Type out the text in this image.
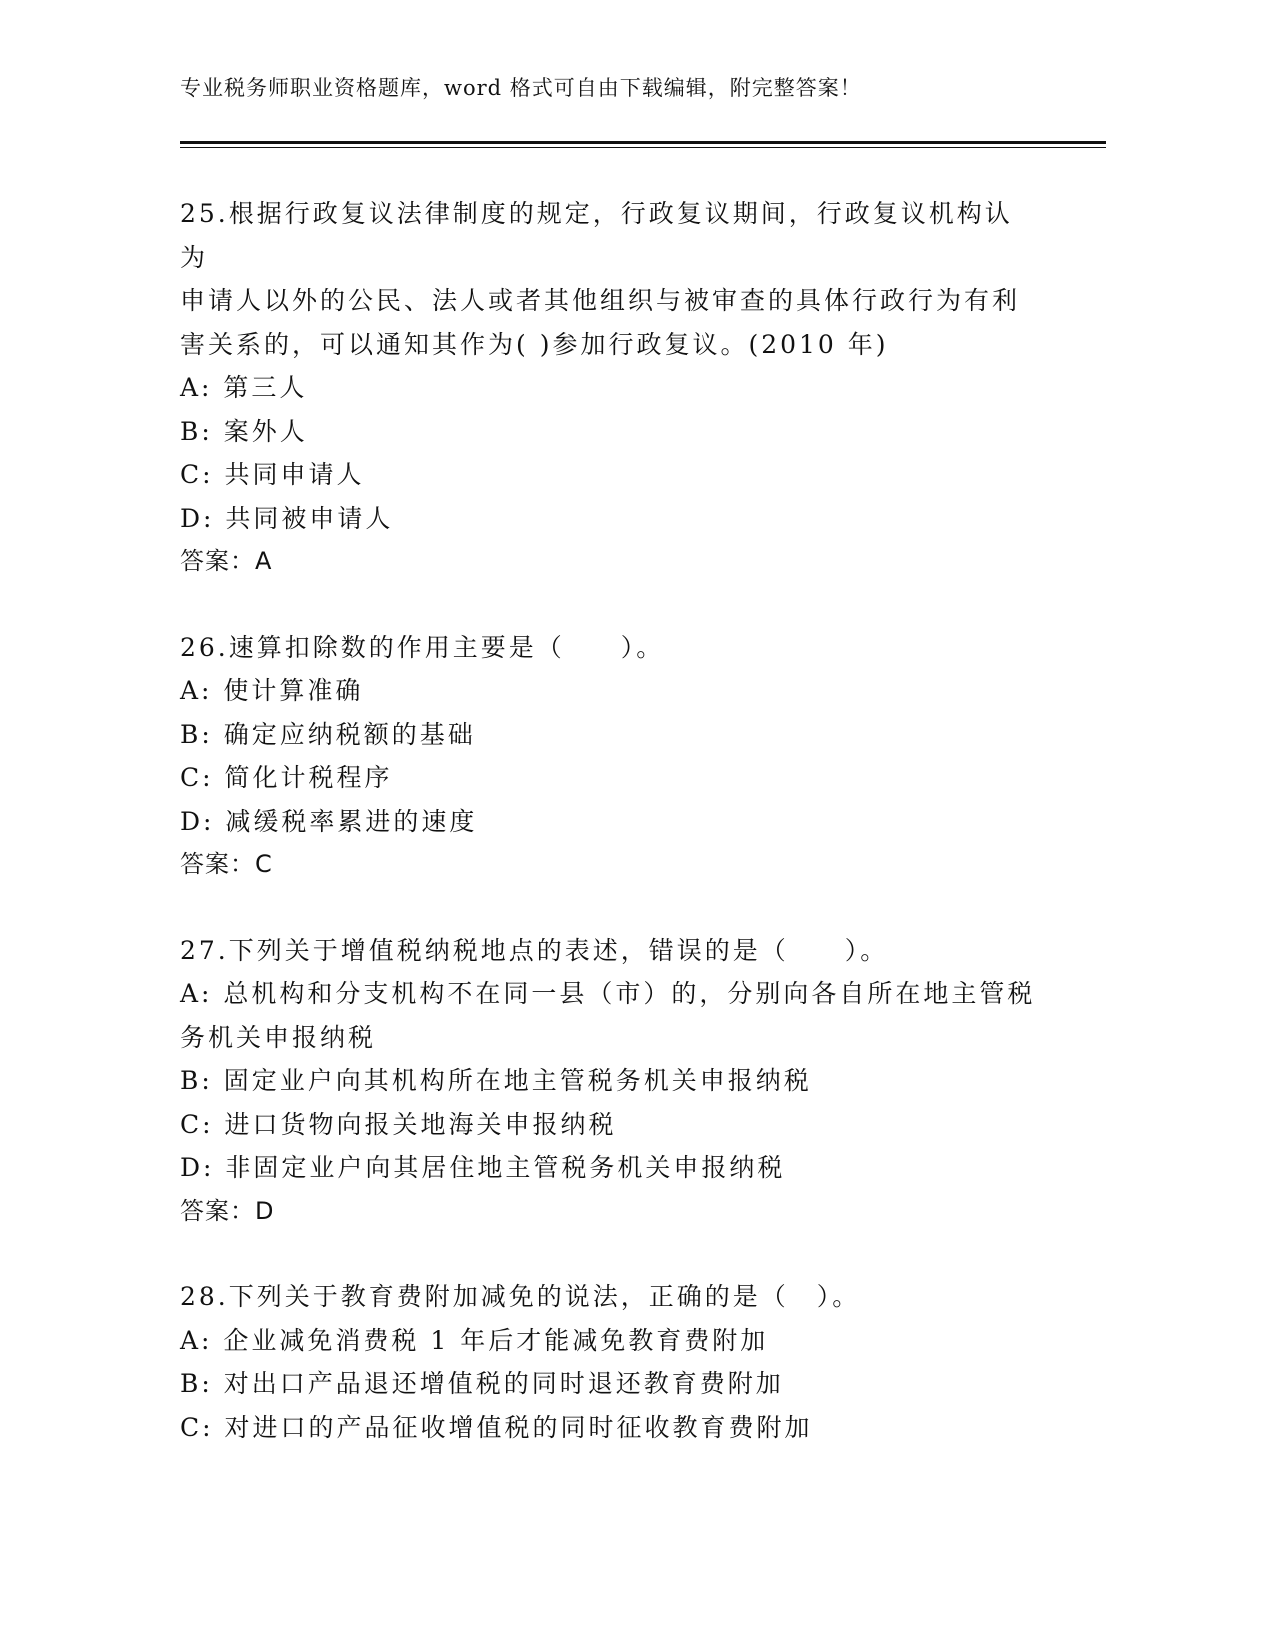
专业税务师职业资格题库，word 格式可自由下载编辑，附完整答案！
25.根据行政复议法律制度的规定，行政复议期间，行政复议机构认为
申请人以外的公民、法人或者其他组织与被审查的具体行政行为有利
害关系的，可以通知其作为( )参加行政复议。(2010 年)
A: 第三人
B: 案外人
C: 共同申请人
D: 共同被申请人
答案：A
26.速算扣除数的作用主要是（　　）。
A: 使计算准确
B: 确定应纳税额的基础
C: 简化计税程序
D: 减缓税率累进的速度
答案：C
27.下列关于增值税纳税地点的表述，错误的是（　　）。
A: 总机构和分支机构不在同一县（市）的，分别向各自所在地主管税
务机关申报纳税
B: 固定业户向其机构所在地主管税务机关申报纳税
C: 进口货物向报关地海关申报纳税
D: 非固定业户向其居住地主管税务机关申报纳税
答案：D
28.下列关于教育费附加减免的说法，正确的是（　）。
A: 企业减免消费税 1 年后才能减免教育费附加
B: 对出口产品退还增值税的同时退还教育费附加
C: 对进口的产品征收增值税的同时征收教育费附加
